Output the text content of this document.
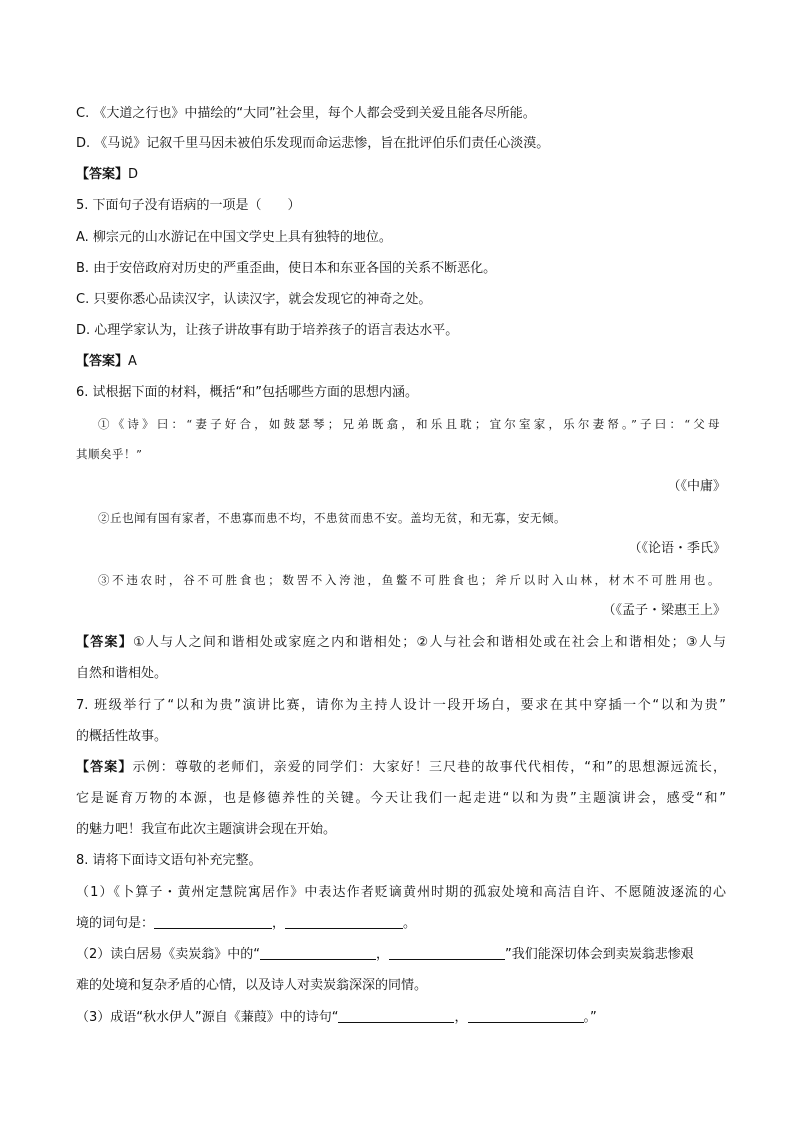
C. 《大道之行也》中描绘的“大同”社会里，每个人都会受到关爱且能各尽所能。
D. 《马说》记叙千里马因未被伯乐发现而命运悲惨，旨在批评伯乐们责任心淡漠。
【答案】D
5. 下面句子没有语病的一项是（　　）
A. 柳宗元的山水游记在中国文学史上具有独特的地位。
B. 由于安倍政府对历史的严重歪曲，使日本和东亚各国的关系不断恶化。
C. 只要你悉心品读汉字，认读汉字，就会发现它的神奇之处。
D. 心理学家认为，让孩子讲故事有助于培养孩子的语言表达水平。
【答案】A
6. 试根据下面的材料，概括“和”包括哪些方面的思想内涵。
①《诗》曰：“妻子好合，如鼓瑟琴；兄弟既翕，和乐且耽；宜尔室家，乐尔妻帑。”子曰：“父母
其顺矣乎！”
（《中庸》
②丘也闻有国有家者，不患寡而患不均，不患贫而患不安。盖均无贫，和无寡，安无倾。
（《论语・季氏》
③不违农时，谷不可胜食也；数罟不入洿池，鱼鳖不可胜食也；斧斤以时入山林，材木不可胜用也。
（《孟子・梁惠王上》
【答案】①人与人之间和谐相处或家庭之内和谐相处；②人与社会和谐相处或在社会上和谐相处；③人与
自然和谐相处。
7. 班级举行了“以和为贵”演讲比赛，请你为主持人设计一段开场白，要求在其中穿插一个“以和为贵”
的概括性故事。
【答案】示例：尊敬的老师们，亲爱的同学们：大家好！三尺巷的故事代代相传，“和”的思想源远流长，
它是诞育万物的本源，也是修德养性的关键。今天让我们一起走进“以和为贵”主题演讲会，感受“和”
的魅力吧！我宣布此次主题演讲会现在开始。
8. 请将下面诗文语句补充完整。
（1）《卜算子・黄州定慧院寓居作》中表达作者贬谪黄州时期的孤寂处境和高洁自许、不愿随波逐流的心
境的词句是：	，	。
（2）读白居易《卖炭翁》中的“	，	”我们能深切体会到卖炭翁悲惨艰
难的处境和复杂矛盾的心情，以及诗人对卖炭翁深深的同情。
（3）成语“秋水伊人”源自《蒹葭》中的诗句“	，	。”
